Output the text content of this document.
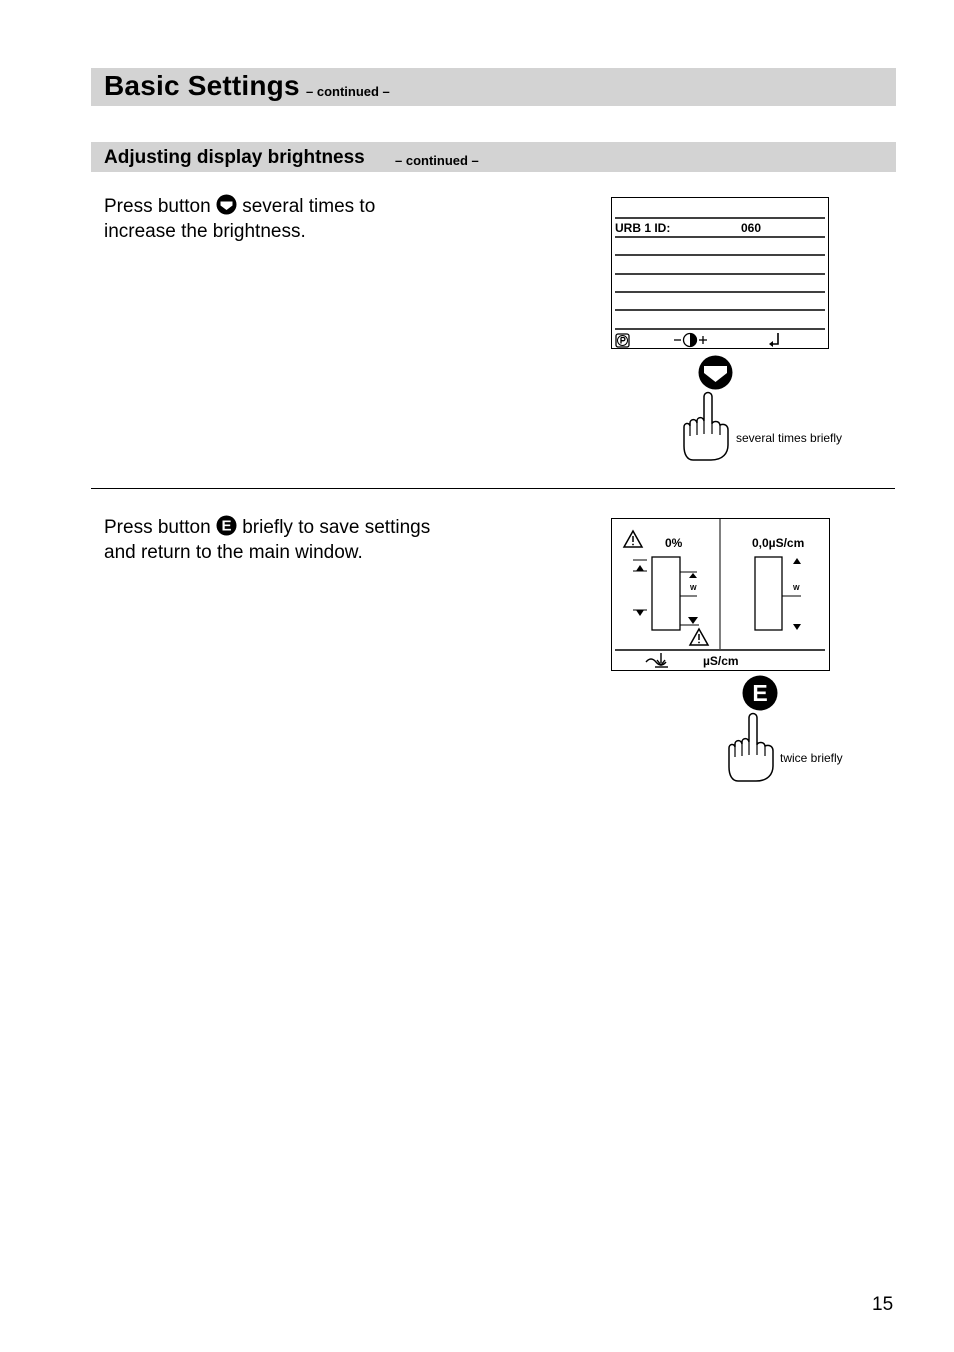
Basic Settings – continued –
Adjusting display brightness – continued –
Press button several times to
increase the brightness.	URB 1 ID:	060
several times briefly
Press button E briefly to save settings
and return to the main window.	0%	0,0µS/cm
W	W
µS/cm
E
twice briefly
15
